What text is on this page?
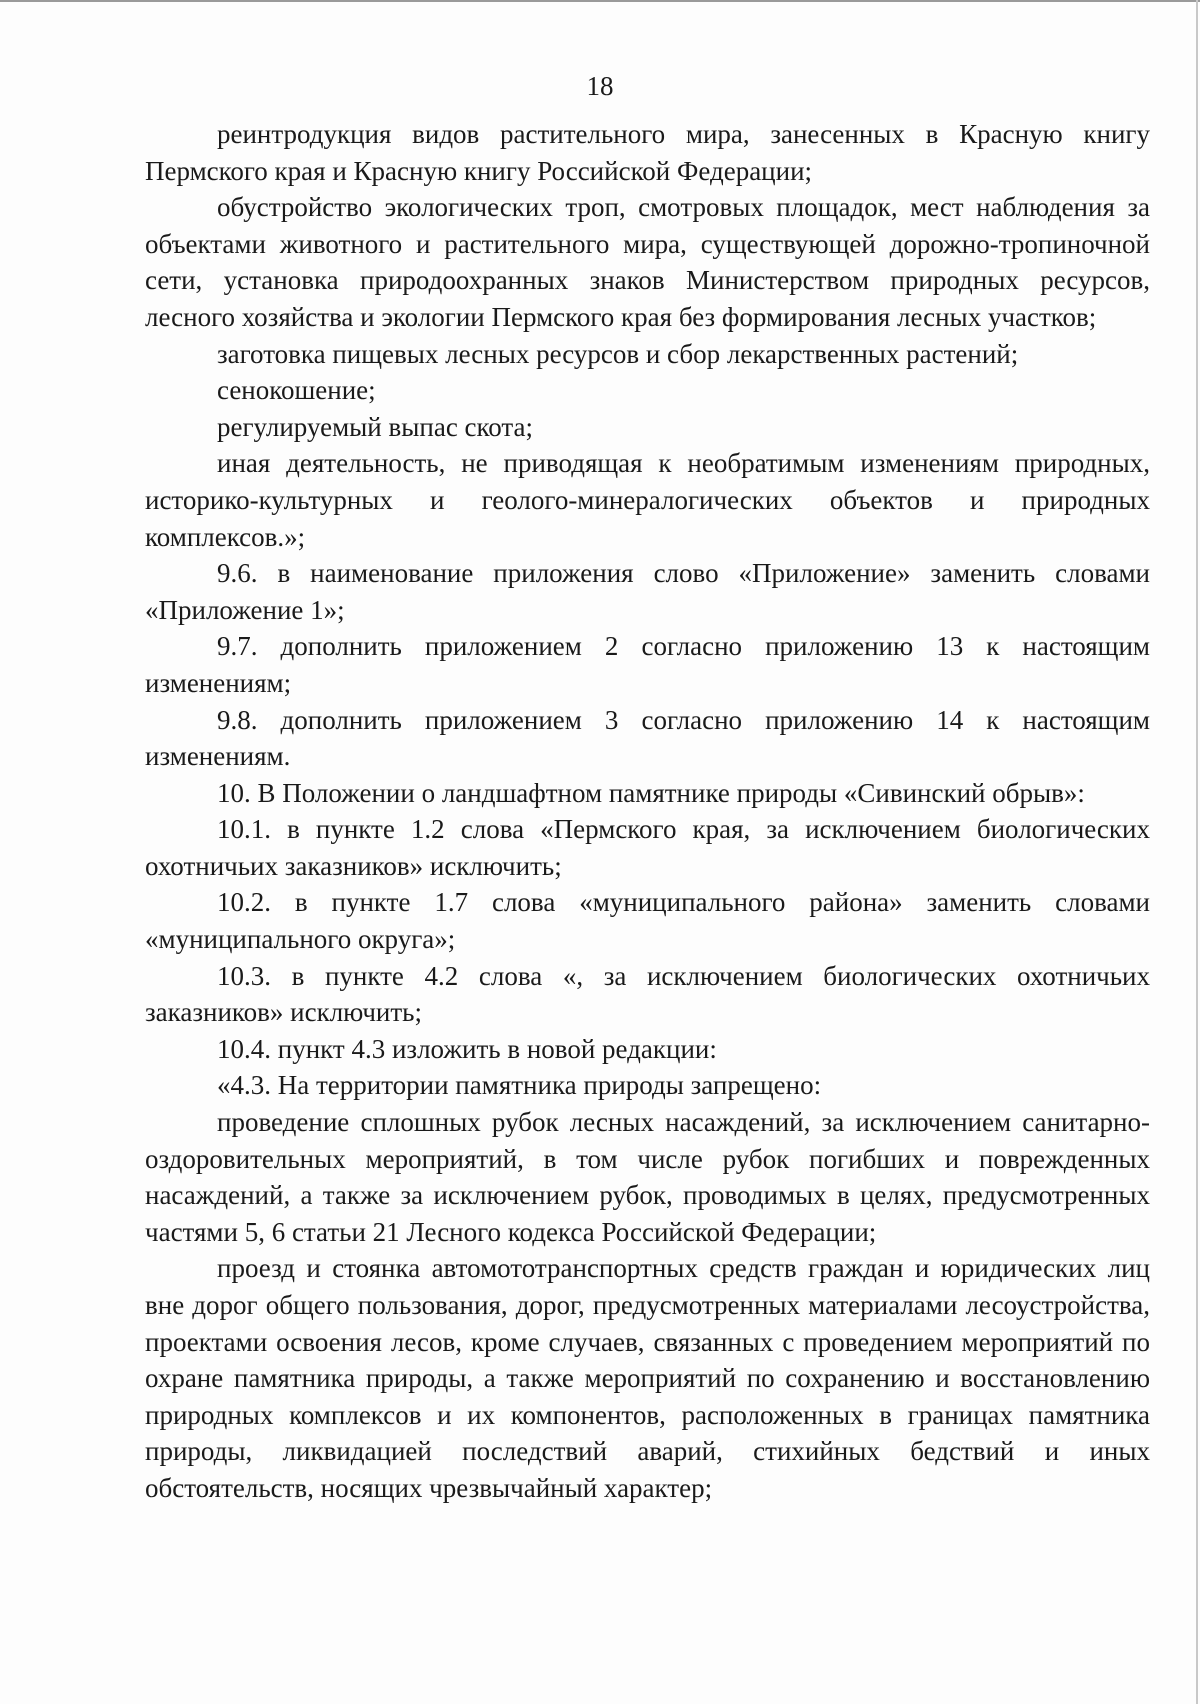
18

реинтродукция видов растительного мира, занесенных в Красную книгу Пермского края и Красную книгу Российской Федерации;

обустройство экологических троп, смотровых площадок, мест наблюдения за объектами животного и растительного мира, существующей дорожно-тропиночной сети, установка природоохранных знаков Министерством природных ресурсов, лесного хозяйства и экологии Пермского края без формирования лесных участков;

заготовка пищевых лесных ресурсов и сбор лекарственных растений;

сенокошение;

регулируемый выпас скота;

иная деятельность, не приводящая к необратимым изменениям природных, историко-культурных и геолого-минералогических объектов и природных комплексов.»;

9.6. в наименование приложения слово «Приложение» заменить словами «Приложение 1»;

9.7. дополнить приложением 2 согласно приложению 13 к настоящим изменениям;

9.8. дополнить приложением 3 согласно приложению 14 к настоящим изменениям.

10. В Положении о ландшафтном памятнике природы «Сивинский обрыв»:

10.1. в пункте 1.2 слова «Пермского края, за исключением биологических охотничьих заказников» исключить;

10.2. в пункте 1.7 слова «муниципального района» заменить словами «муниципального округа»;

10.3. в пункте 4.2 слова «, за исключением биологических охотничьих заказников» исключить;

10.4. пункт 4.3 изложить в новой редакции:

«4.3. На территории памятника природы запрещено:

проведение сплошных рубок лесных насаждений, за исключением санитарно-оздоровительных мероприятий, в том числе рубок погибших и поврежденных насаждений, а также за исключением рубок, проводимых в целях, предусмотренных частями 5, 6 статьи 21 Лесного кодекса Российской Федерации;

проезд и стоянка автомототранспортных средств граждан и юридических лиц вне дорог общего пользования, дорог, предусмотренных материалами лесоустройства, проектами освоения лесов, кроме случаев, связанных с проведением мероприятий по охране памятника природы, а также мероприятий по сохранению и восстановлению природных комплексов и их компонентов, расположенных в границах памятника природы, ликвидацией последствий аварий, стихийных бедствий и иных обстоятельств, носящих чрезвычайный характер;
